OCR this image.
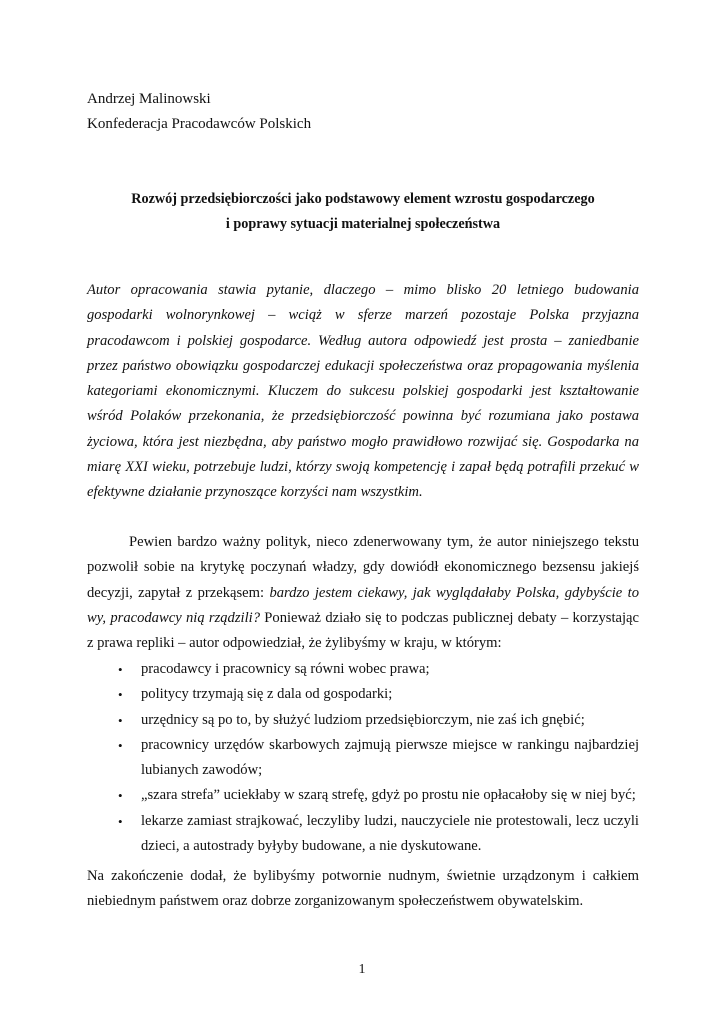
Andrzej Malinowski
Konfederacja Pracodawców Polskich
Rozwój przedsiębiorczości jako podstawowy element wzrostu gospodarczego
i poprawy sytuacji materialnej społeczeństwa
Autor opracowania stawia pytanie, dlaczego – mimo blisko 20 letniego budowania gospodarki wolnorynkowej – wciąż w sferze marzeń pozostaje Polska przyjazna pracodawcom i polskiej gospodarce. Według autora odpowiedź jest prosta – zaniedbanie przez państwo obowiązku gospodarczej edukacji społeczeństwa oraz propagowania myślenia kategoriami ekonomicznymi. Kluczem do sukcesu polskiej gospodarki jest kształtowanie wśród Polaków przekonania, że przedsiębiorczość powinna być rozumiana jako postawa życiowa, która jest niezbędna, aby państwo mogło prawidłowo rozwijać się. Gospodarka na miarę XXI wieku, potrzebuje ludzi, którzy swoją kompetencję i zapał będą potrafili przekuć w efektywne działanie przynoszące korzyści nam wszystkim.
Pewien bardzo ważny polityk, nieco zdenerwowany tym, że autor niniejszego tekstu pozwolił sobie na krytykę poczynań władzy, gdy dowiódł ekonomicznego bezsensu jakiejś decyzji, zapytał z przekąsem: bardzo jestem ciekawy, jak wyglądałaby Polska, gdybyście to wy, pracodawcy nią rządzili? Ponieważ działo się to podczas publicznej debaty – korzystając z prawa repliki – autor odpowiedział, że żylibyśmy w kraju, w którym:
• pracodawcy i pracownicy są równi wobec prawa;
• politycy trzymają się z dala od gospodarki;
• urzędnicy są po to, by służyć ludziom przedsiębiorczym, nie zaś ich gnębić;
• pracownicy urzędów skarbowych zajmują pierwsze miejsce w rankingu najbardziej lubianych zawodów;
• „szara strefa” uciekłaby w szarą strefę, gdyż po prostu nie opłacałoby się w niej być;
• lekarze zamiast strajkować, leczyliby ludzi, nauczyciele nie protestowali, lecz uczyli dzieci, a autostrady byłyby budowane, a nie dyskutowane.
Na zakończenie dodał, że bylibyśmy potwornie nudnym, świetnie urządzonym i całkiem niebiednym państwem oraz dobrze zorganizowanym społeczeństwem obywatelskim.
1
